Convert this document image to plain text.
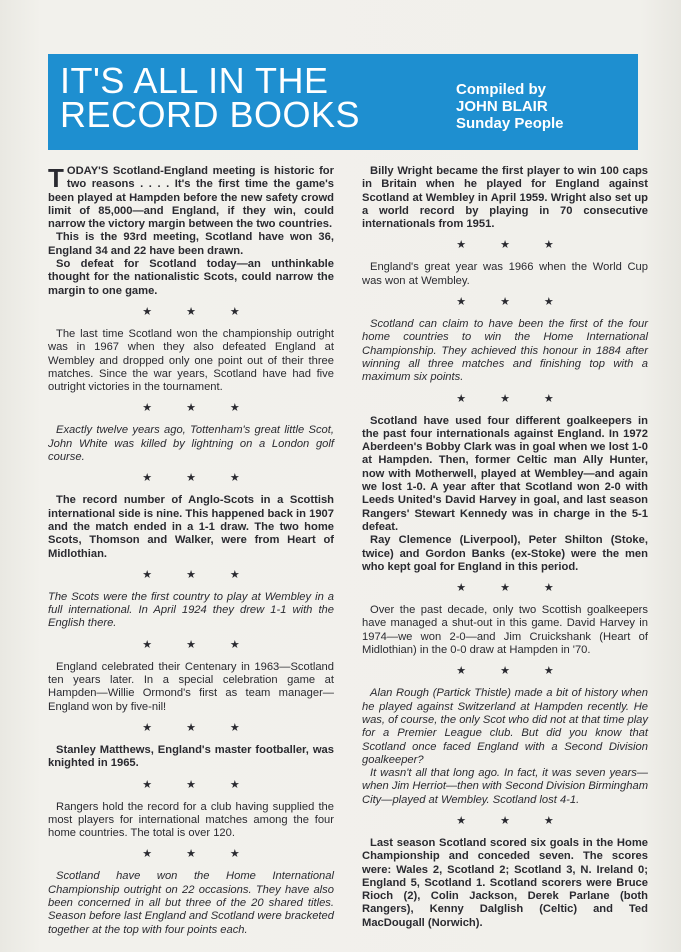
IT'S ALL IN THE
RECORD BOOKS
Compiled by
JOHN BLAIR
Sunday People

TODAY'S Scotland-England meeting is historic for two reasons . . . . It's the first time the game's been played at Hampden before the new safety crowd limit of 85,000—and England, if they win, could narrow the victory margin between the two countries.

This is the 93rd meeting, Scotland have won 36, England 34 and 22 have been drawn.

So defeat for Scotland today—an unthinkable thought for the nationalistic Scots, could narrow the margin to one game.

★★★

The last time Scotland won the championship outright was in 1967 when they also defeated England at Wembley and dropped only one point out of their three matches. Since the war years, Scotland have had five outright victories in the tournament.

★★★

Exactly twelve years ago, Tottenham's great little Scot, John White was killed by lightning on a London golf course.

★★★

The record number of Anglo-Scots in a Scottish international side is nine. This happened back in 1907 and the match ended in a 1-1 draw. The two home Scots, Thomson and Walker, were from Heart of Midlothian.

★★★

The Scots were the first country to play at Wembley in a full international. In April 1924 they drew 1-1 with the English there.

★★★

England celebrated their Centenary in 1963—Scotland ten years later. In a special celebration game at Hampden—Willie Ormond's first as team manager—England won by five-nil!

★★★

Stanley Matthews, England's master footballer, was knighted in 1965.

★★★

Rangers hold the record for a club having supplied the most players for international matches among the four home countries. The total is over 120.

★★★

Scotland have won the Home International Championship outright on 22 occasions. They have also been concerned in all but three of the 20 shared titles. Season before last England and Scotland were bracketed together at the top with four points each.

Billy Wright became the first player to win 100 caps in Britain when he played for England against Scotland at Wembley in April 1959. Wright also set up a world record by playing in 70 consecutive internationals from 1951.

★★★

England's great year was 1966 when the World Cup was won at Wembley.

★★★

Scotland can claim to have been the first of the four home countries to win the Home International Championship. They achieved this honour in 1884 after winning all three matches and finishing top with a maximum six points.

★★★

Scotland have used four different goalkeepers in the past four internationals against England. In 1972 Aberdeen's Bobby Clark was in goal when we lost 1-0 at Hampden. Then, former Celtic man Ally Hunter, now with Motherwell, played at Wembley—and again we lost 1-0. A year after that Scotland won 2-0 with Leeds United's David Harvey in goal, and last season Rangers' Stewart Kennedy was in charge in the 5-1 defeat.

Ray Clemence (Liverpool), Peter Shilton (Stoke, twice) and Gordon Banks (ex-Stoke) were the men who kept goal for England in this period.

★★★

Over the past decade, only two Scottish goalkeepers have managed a shut-out in this game. David Harvey in 1974—we won 2-0—and Jim Cruickshank (Heart of Midlothian) in the 0-0 draw at Hampden in '70.

★★★

Alan Rough (Partick Thistle) made a bit of history when he played against Switzerland at Hampden recently. He was, of course, the only Scot who did not at that time play for a Premier League club. But did you know that Scotland once faced England with a Second Division goalkeeper?

It wasn't all that long ago. In fact, it was seven years—when Jim Herriot—then with Second Division Birmingham City—played at Wembley. Scotland lost 4-1.

★★★

Last season Scotland scored six goals in the Home Championship and conceded seven. The scores were: Wales 2, Scotland 2; Scotland 3, N. Ireland 0; England 5, Scotland 1. Scotland scorers were Bruce Rioch (2), Colin Jackson, Derek Parlane (both Rangers), Kenny Dalglish (Celtic) and Ted MacDougall (Norwich).
